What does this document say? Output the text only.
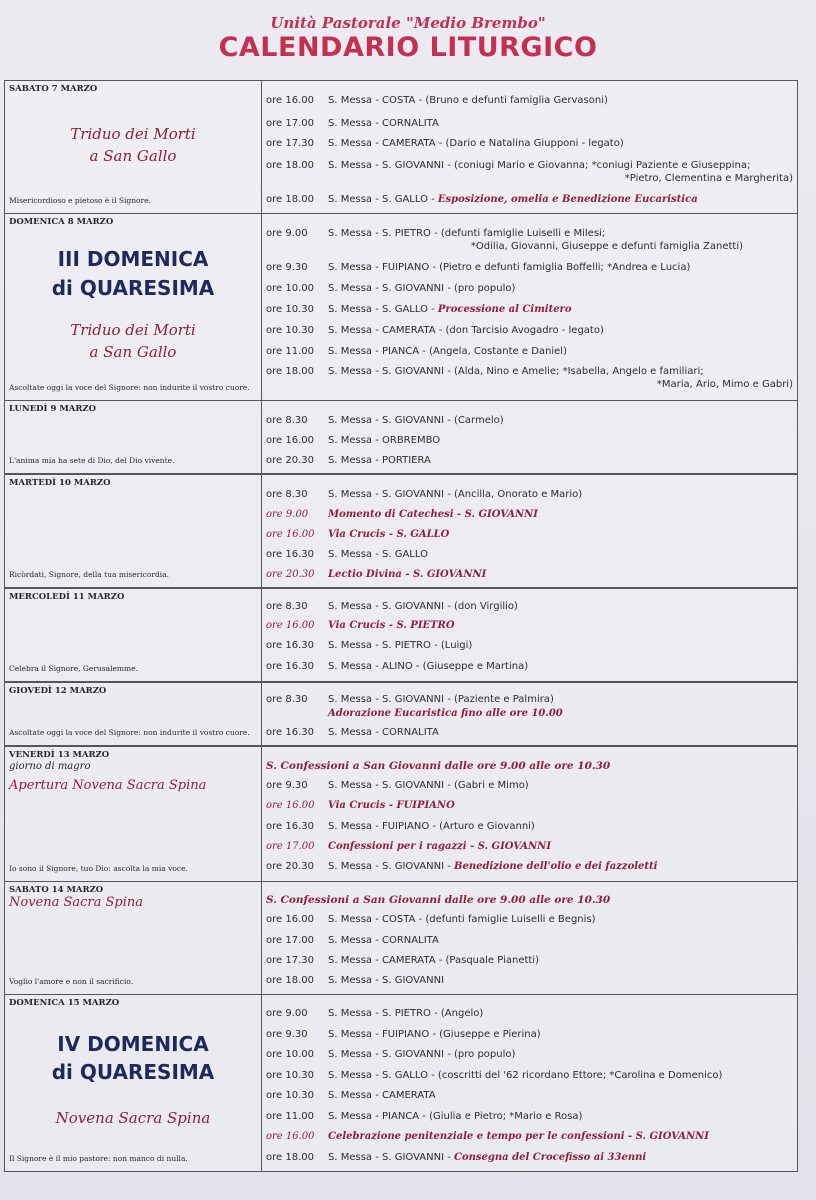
Unità Pastorale "Medio Brembo"
CALENDARIO LITURGICO
SABATO 7 MARZO
Triduo dei Morti
a San Gallo
Misericordioso e pietoso è il Signore.
ore 16.00 S. Messa - COSTA - (Bruno e defunti famiglia Gervasoni)
ore 17.00 S. Messa - CORNALITA
ore 17.30 S. Messa - CAMERATA - (Dario e Natalina Giupponi - legato)
ore 18.00 S. Messa - S. GIOVANNI - (coniugi Mario e Giovanna; *coniugi Paziente e Giuseppina;
*Pietro, Clementina e Margherita)
ore 18.00 S. Messa - S. GALLO - Esposizione, omelia e Benedizione Eucaristica
DOMENICA 8 MARZO
III DOMENICA
di QUARESIMA
Triduo dei Morti
a San Gallo
Ascoltate oggi la voce del Signore: non indurite il vostro cuore.
ore 9.00 S. Messa - S. PIETRO - (defunti famiglie Luiselli e Milesi;
*Odilia, Giovanni, Giuseppe e defunti famiglia Zanetti)
ore 9.30 S. Messa - FUIPIANO - (Pietro e defunti famiglia Boffelli; *Andrea e Lucia)
ore 10.00 S. Messa - S. GIOVANNI - (pro populo)
ore 10.30 S. Messa - S. GALLO - Processione al Cimitero
ore 10.30 S. Messa - CAMERATA - (don Tarcisio Avogadro - legato)
ore 11.00 S. Messa - PIANCA - (Angela, Costante e Daniel)
ore 18.00 S. Messa - S. GIOVANNI - (Alda, Nino e Amelie; *Isabella, Angelo e familiari;
*Maria, Ario, Mimo e Gabri)
LUNEDÌ 9 MARZO
L'anima mia ha sete di Dio, del Dio vivente.
ore 8.30 S. Messa - S. GIOVANNI - (Carmelo)
ore 16.00 S. Messa - ORBREMBO
ore 20.30 S. Messa - PORTIERA
MARTEDÌ 10 MARZO
Ricòrdati, Signore, della tua misericordia.
ore 8.30 S. Messa - S. GIOVANNI - (Ancilla, Onorato e Mario)
ore 9.00 Momento di Catechesi - S. GIOVANNI
ore 16.00 Via Crucis - S. GALLO
ore 16.30 S. Messa - S. GALLO
ore 20.30 Lectio Divina - S. GIOVANNI
MERCOLEDÌ 11 MARZO
Celebra il Signore, Gerusalemme.
ore 8.30 S. Messa - S. GIOVANNI - (don Virgilio)
ore 16.00 Via Crucis - S. PIETRO
ore 16.30 S. Messa - S. PIETRO - (Luigi)
ore 16.30 S. Messa - ALINO - (Giuseppe e Martina)
GIOVEDÌ 12 MARZO
Ascoltate oggi la voce del Signore: non indurite il vostro cuore.
ore 8.30 S. Messa - S. GIOVANNI - (Paziente e Palmira)
Adorazione Eucaristica fino alle ore 10.00
ore 16.30 S. Messa - CORNALITA
VENERDÌ 13 MARZO
giorno di magro
Apertura Novena Sacra Spina
Io sono il Signore, tuo Dio: ascolta la mia voce.
S. Confessioni a San Giovanni dalle ore 9.00 alle ore 10.30
ore 9.30 S. Messa - S. GIOVANNI - (Gabri e Mimo)
ore 16.00 Via Crucis - FUIPIANO
ore 16.30 S. Messa - FUIPIANO - (Arturo e Giovanni)
ore 17.00 Confessioni per i ragazzi - S. GIOVANNI
ore 20.30 S. Messa - S. GIOVANNI - Benedizione dell'olio e dei fazzoletti
SABATO 14 MARZO
Novena Sacra Spina
Voglio l'amore e non il sacrificio.
S. Confessioni a San Giovanni dalle ore 9.00 alle ore 10.30
ore 16.00 S. Messa - COSTA - (defunti famiglie Luiselli e Begnis)
ore 17.00 S. Messa - CORNALITA
ore 17.30 S. Messa - CAMERATA - (Pasquale Pianetti)
ore 18.00 S. Messa - S. GIOVANNI
DOMENICA 15 MARZO
IV DOMENICA
di QUARESIMA
Novena Sacra Spina
Il Signore è il mio pastore: non manco di nulla.
ore 9.00 S. Messa - S. PIETRO - (Angelo)
ore 9.30 S. Messa - FUIPIANO - (Giuseppe e Pierina)
ore 10.00 S. Messa - S. GIOVANNI - (pro populo)
ore 10.30 S. Messa - S. GALLO - (coscritti del '62 ricordano Ettore; *Carolina e Domenico)
ore 10.30 S. Messa - CAMERATA
ore 11.00 S. Messa - PIANCA - (Giulia e Pietro; *Mario e Rosa)
ore 16.00 Celebrazione penitenziale e tempo per le confessioni - S. GIOVANNI
ore 18.00 S. Messa - S. GIOVANNI - Consegna del Crocefisso ai 33enni
